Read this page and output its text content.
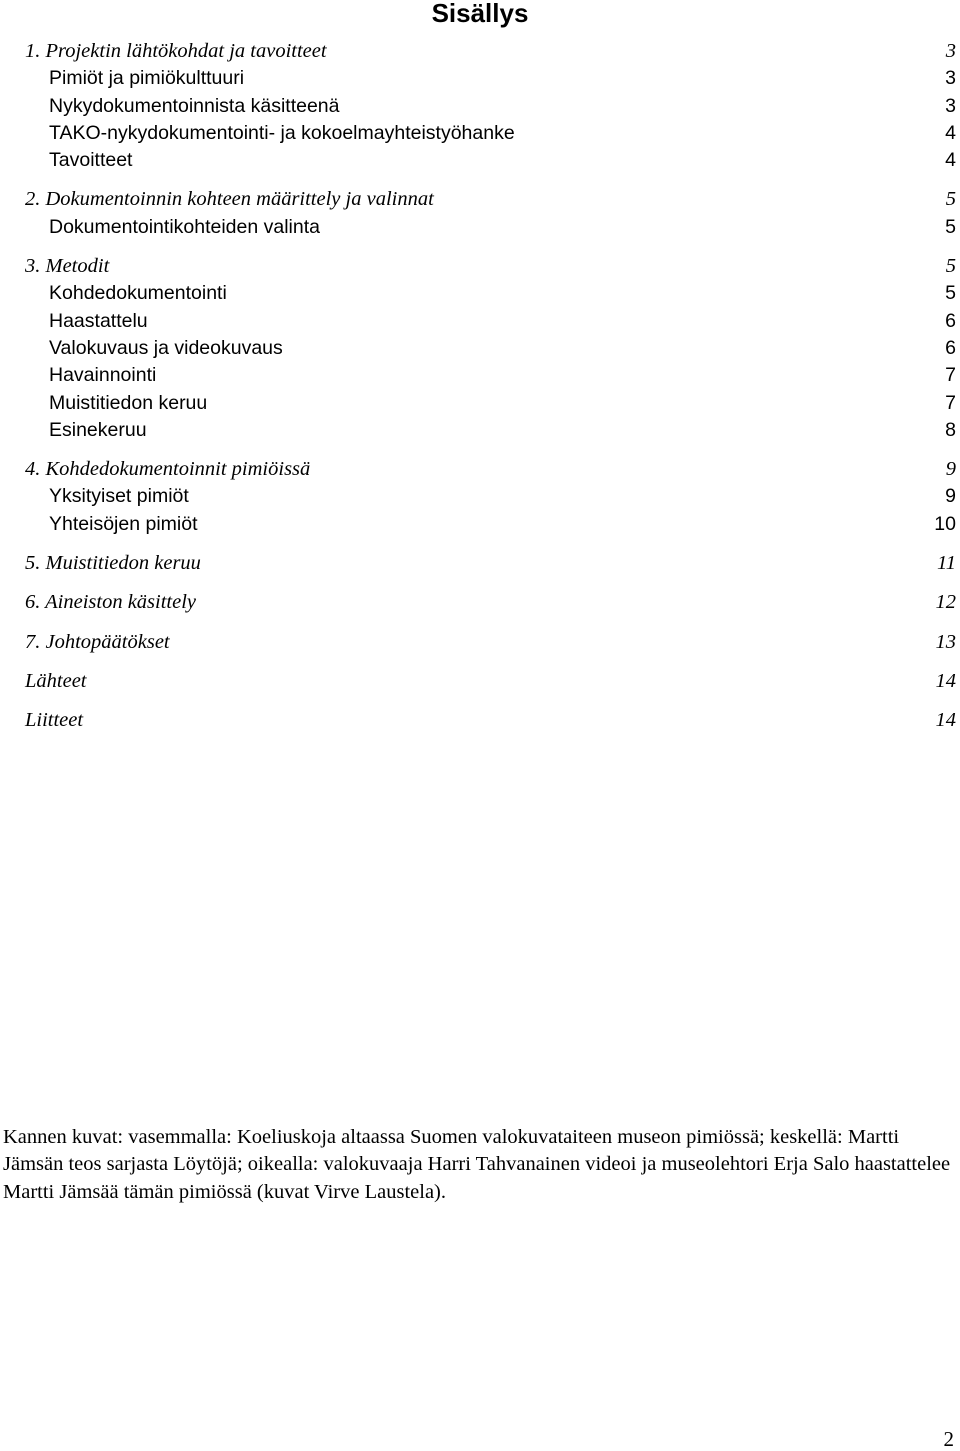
Sisällys
1. Projektin lähtökohdat ja tavoitteet	3
Pimiöt ja pimiökulttuuri	3
Nykydokumentoinnista käsitteenä	3
TAKO-nykydokumentointi- ja kokoelmayhteistyöhanke	4
Tavoitteet	4
2. Dokumentoinnin kohteen määrittely ja valinnat	5
Dokumentointikohteiden valinta	5
3. Metodit	5
Kohdedokumentointi	5
Haastattelu	6
Valokuvaus ja videokuvaus	6
Havainnointi	7
Muistitiedon keruu	7
Esinekeruu	8
4. Kohdedokumentoinnit pimiöissä	9
Yksityiset pimiöt	9
Yhteisöjen pimiöt	10
5. Muistitiedon keruu	11
6. Aineiston käsittely	12
7. Johtopäätökset	13
Lähteet	14
Liitteet	14

Kannen kuvat: vasemmalla: Koeliuskoja altaassa Suomen valokuvataiteen museon pimiössä; keskellä: Martti Jämsän teos sarjasta Löytöjä; oikealla: valokuvaaja Harri Tahvanainen videoi ja museolehtori Erja Salo haastattelee Martti Jämsää tämän pimiössä (kuvat Virve Laustela).

2
